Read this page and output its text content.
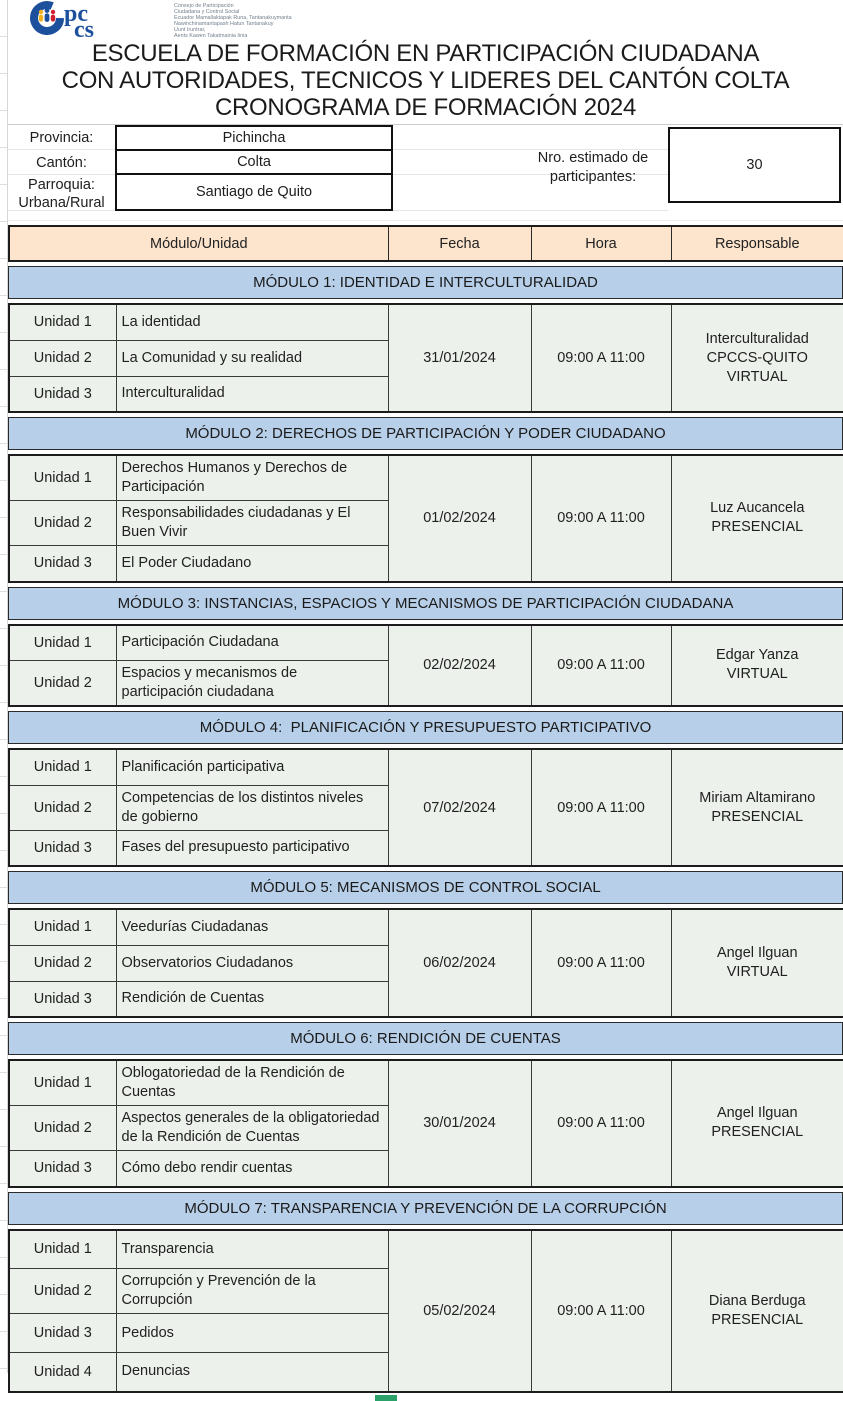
pc
cs
Consejo de Participación
Ciudadana y Control Social
Ecuador Mamallaktapak Runa, Tantanakuymanta
Nawinchinamantapash Hatun Tantanakuy
Uunt Iruntrar,
Aents Kawen Takatmainia Iinia
ESCUELA DE FORMACIÓN EN PARTICIPACIÓN CIUDADANA
CON AUTORIDADES, TECNICOS Y LIDERES DEL CANTÓN COLTA
CRONOGRAMA DE FORMACIÓN 2024
Provincia:
Cantón:
Parroquia:
Urbana/Rural
Pichincha
Colta
Santiago de Quito
Nro. estimado de participantes:
30
Módulo/Unidad	Fecha	Hora	Responsable
MÓDULO 1: IDENTIDAD E INTERCULTURALIDAD
Unidad 1	La identidad	31/01/2024	09:00 A 11:00	Interculturalidad
CPCCS-QUITO
VIRTUAL

Unidad 2	La Comunidad y su realidad			
Unidad 3	Interculturalidad			
MÓDULO 2: DERECHOS DE PARTICIPACIÓN Y PODER CIUDADANO
Unidad 1	Derechos Humanos y Derechos de Participación	01/02/2024	09:00 A 11:00	Luz Aucancela
PRESENCIAL

Unidad 2	Responsabilidades ciudadanas y El Buen Vivir			
Unidad 3	El Poder Ciudadano			
MÓDULO 3: INSTANCIAS, ESPACIOS Y MECANISMOS DE PARTICIPACIÓN CIUDADANA
Unidad 1	Participación Ciudadana	02/02/2024	09:00 A 11:00	Edgar Yanza
VIRTUAL

Unidad 2	Espacios y mecanismos de participación ciudadana			
MÓDULO 4:  PLANIFICACIÓN Y PRESUPUESTO PARTICIPATIVO
Unidad 1	Planificación participativa	07/02/2024	09:00 A 11:00	Miriam Altamirano
PRESENCIAL

Unidad 2	Competencias de los distintos niveles de gobierno			
Unidad 3	Fases del presupuesto participativo			
MÓDULO 5: MECANISMOS DE CONTROL SOCIAL
Unidad 1	Veedurías Ciudadanas	06/02/2024	09:00 A 11:00	Angel Ilguan
VIRTUAL

Unidad 2	Observatorios Ciudadanos			
Unidad 3	Rendición de Cuentas			
MÓDULO 6: RENDICIÓN DE CUENTAS
Unidad 1	Oblogatoriedad de la Rendición de Cuentas	30/01/2024	09:00 A 11:00	Angel Ilguan
PRESENCIAL

Unidad 2	Aspectos generales de la obligatoriedad de la Rendición de Cuentas			
Unidad 3	Cómo debo rendir cuentas			
MÓDULO 7: TRANSPARENCIA Y PREVENCIÓN DE LA CORRUPCIÓN
Unidad 1	Transparencia	05/02/2024	09:00 A 11:00	Diana Berduga
PRESENCIAL

Unidad 2	Corrupción y Prevención de la Corrupción			
Unidad 3	Pedidos			
Unidad 4	Denuncias			
